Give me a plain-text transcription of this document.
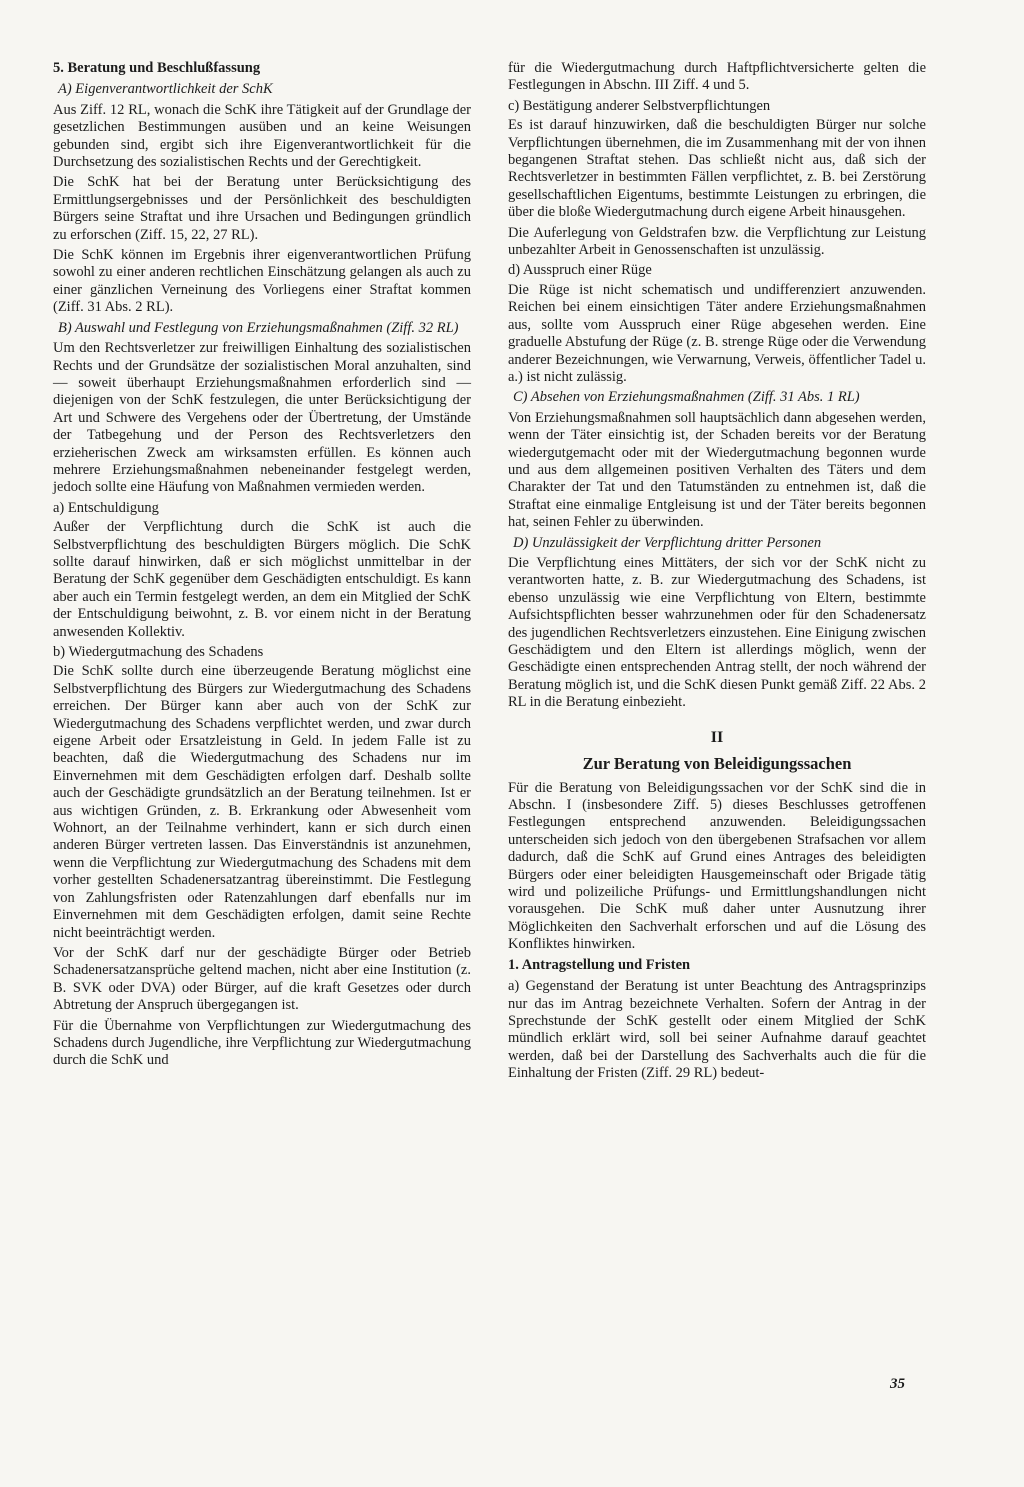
5. Beratung und Beschlußfassung

A) Eigenverantwortlichkeit der SchK

Aus Ziff. 12 RL, wonach die SchK ihre Tätigkeit auf der Grundlage der gesetzlichen Bestimmungen ausüben und an keine Weisungen gebunden sind, ergibt sich ihre Eigenverantwortlichkeit für die Durchsetzung des sozialistischen Rechts und der Gerechtigkeit.

Die SchK hat bei der Beratung unter Berücksichtigung des Ermittlungsergebnisses und der Persönlichkeit des beschuldigten Bürgers seine Straftat und ihre Ursachen und Bedingungen gründlich zu erforschen (Ziff. 15, 22, 27 RL).

Die SchK können im Ergebnis ihrer eigenverantwortlichen Prüfung sowohl zu einer anderen rechtlichen Einschätzung gelangen als auch zu einer gänzlichen Verneinung des Vorliegens einer Straftat kommen (Ziff. 31 Abs. 2 RL).

B) Auswahl und Festlegung von Erziehungsmaßnahmen (Ziff. 32 RL)

Um den Rechtsverletzer zur freiwilligen Einhaltung des sozialistischen Rechts und der Grundsätze der sozialistischen Moral anzuhalten, sind — soweit überhaupt Erziehungsmaßnahmen erforderlich sind — diejenigen von der SchK festzulegen, die unter Berücksichtigung der Art und Schwere des Vergehens oder der Übertretung, der Umstände der Tatbegehung und der Person des Rechtsverletzers den erzieherischen Zweck am wirksamsten erfüllen. Es können auch mehrere Erziehungsmaßnahmen nebeneinander festgelegt werden, jedoch sollte eine Häufung von Maßnahmen vermieden werden.

a) Entschuldigung

Außer der Verpflichtung durch die SchK ist auch die Selbstverpflichtung des beschuldigten Bürgers möglich. Die SchK sollte darauf hinwirken, daß er sich möglichst unmittelbar in der Beratung der SchK gegenüber dem Geschädigten entschuldigt. Es kann aber auch ein Termin festgelegt werden, an dem ein Mitglied der SchK der Entschuldigung beiwohnt, z. B. vor einem nicht in der Beratung anwesenden Kollektiv.

b) Wiedergutmachung des Schadens

Die SchK sollte durch eine überzeugende Beratung möglichst eine Selbstverpflichtung des Bürgers zur Wiedergutmachung des Schadens erreichen. Der Bürger kann aber auch von der SchK zur Wiedergutmachung des Schadens verpflichtet werden, und zwar durch eigene Arbeit oder Ersatzleistung in Geld. In jedem Falle ist zu beachten, daß die Wiedergutmachung des Schadens nur im Einvernehmen mit dem Geschädigten erfolgen darf. Deshalb sollte auch der Geschädigte grundsätzlich an der Beratung teilnehmen. Ist er aus wichtigen Gründen, z. B. Erkrankung oder Abwesenheit vom Wohnort, an der Teilnahme verhindert, kann er sich durch einen anderen Bürger vertreten lassen. Das Einverständnis ist anzunehmen, wenn die Verpflichtung zur Wiedergutmachung des Schadens mit dem vorher gestellten Schadenersatzantrag übereinstimmt. Die Festlegung von Zahlungsfristen oder Ratenzahlungen darf ebenfalls nur im Einvernehmen mit dem Geschädigten erfolgen, damit seine Rechte nicht beeinträchtigt werden.

Vor der SchK darf nur der geschädigte Bürger oder Betrieb Schadenersatzansprüche geltend machen, nicht aber eine Institution (z. B. SVK oder DVA) oder Bürger, auf die kraft Gesetzes oder durch Abtretung der Anspruch übergegangen ist.

Für die Übernahme von Verpflichtungen zur Wiedergutmachung des Schadens durch Jugendliche, ihre Verpflichtung zur Wiedergutmachung durch die SchK und

für die Wiedergutmachung durch Haftpflichtversicherte gelten die Festlegungen in Abschn. III Ziff. 4 und 5.

c) Bestätigung anderer Selbstverpflichtungen

Es ist darauf hinzuwirken, daß die beschuldigten Bürger nur solche Verpflichtungen übernehmen, die im Zusammenhang mit der von ihnen begangenen Straftat stehen. Das schließt nicht aus, daß sich der Rechtsverletzer in bestimmten Fällen verpflichtet, z. B. bei Zerstörung gesellschaftlichen Eigentums, bestimmte Leistungen zu erbringen, die über die bloße Wiedergutmachung durch eigene Arbeit hinausgehen.

Die Auferlegung von Geldstrafen bzw. die Verpflichtung zur Leistung unbezahlter Arbeit in Genossenschaften ist unzulässig.

d) Ausspruch einer Rüge

Die Rüge ist nicht schematisch und undifferenziert anzuwenden. Reichen bei einem einsichtigen Täter andere Erziehungsmaßnahmen aus, sollte vom Ausspruch einer Rüge abgesehen werden. Eine graduelle Abstufung der Rüge (z. B. strenge Rüge oder die Verwendung anderer Bezeichnungen, wie Verwarnung, Verweis, öffentlicher Tadel u. a.) ist nicht zulässig.

C) Absehen von Erziehungsmaßnahmen (Ziff. 31 Abs. 1 RL)

Von Erziehungsmaßnahmen soll hauptsächlich dann abgesehen werden, wenn der Täter einsichtig ist, der Schaden bereits vor der Beratung wiedergutgemacht oder mit der Wiedergutmachung begonnen wurde und aus dem allgemeinen positiven Verhalten des Täters und dem Charakter der Tat und den Tatumständen zu entnehmen ist, daß die Straftat eine einmalige Entgleisung ist und der Täter bereits begonnen hat, seinen Fehler zu überwinden.

D) Unzulässigkeit der Verpflichtung dritter Personen

Die Verpflichtung eines Mittäters, der sich vor der SchK nicht zu verantworten hatte, z. B. zur Wiedergutmachung des Schadens, ist ebenso unzulässig wie eine Verpflichtung von Eltern, bestimmte Aufsichtspflichten besser wahrzunehmen oder für den Schadenersatz des jugendlichen Rechtsverletzers einzustehen. Eine Einigung zwischen Geschädigtem und den Eltern ist allerdings möglich, wenn der Geschädigte einen entsprechenden Antrag stellt, der noch während der Beratung möglich ist, und die SchK diesen Punkt gemäß Ziff. 22 Abs. 2 RL in die Beratung einbezieht.

II

Zur Beratung von Beleidigungssachen

Für die Beratung von Beleidigungssachen vor der SchK sind die in Abschn. I (insbesondere Ziff. 5) dieses Beschlusses getroffenen Festlegungen entsprechend anzuwenden. Beleidigungssachen unterscheiden sich jedoch von den übergebenen Strafsachen vor allem dadurch, daß die SchK auf Grund eines Antrages des beleidigten Bürgers oder einer beleidigten Hausgemeinschaft oder Brigade tätig wird und polizeiliche Prüfungs- und Ermittlungshandlungen nicht vorausgehen. Die SchK muß daher unter Ausnutzung ihrer Möglichkeiten den Sachverhalt erforschen und auf die Lösung des Konfliktes hinwirken.

1. Antragstellung und Fristen

a) Gegenstand der Beratung ist unter Beachtung des Antragsprinzips nur das im Antrag bezeichnete Verhalten. Sofern der Antrag in der Sprechstunde der SchK gestellt oder einem Mitglied der SchK mündlich erklärt wird, soll bei seiner Aufnahme darauf geachtet werden, daß bei der Darstellung des Sachverhalts auch die für die Einhaltung der Fristen (Ziff. 29 RL) bedeut-

35
